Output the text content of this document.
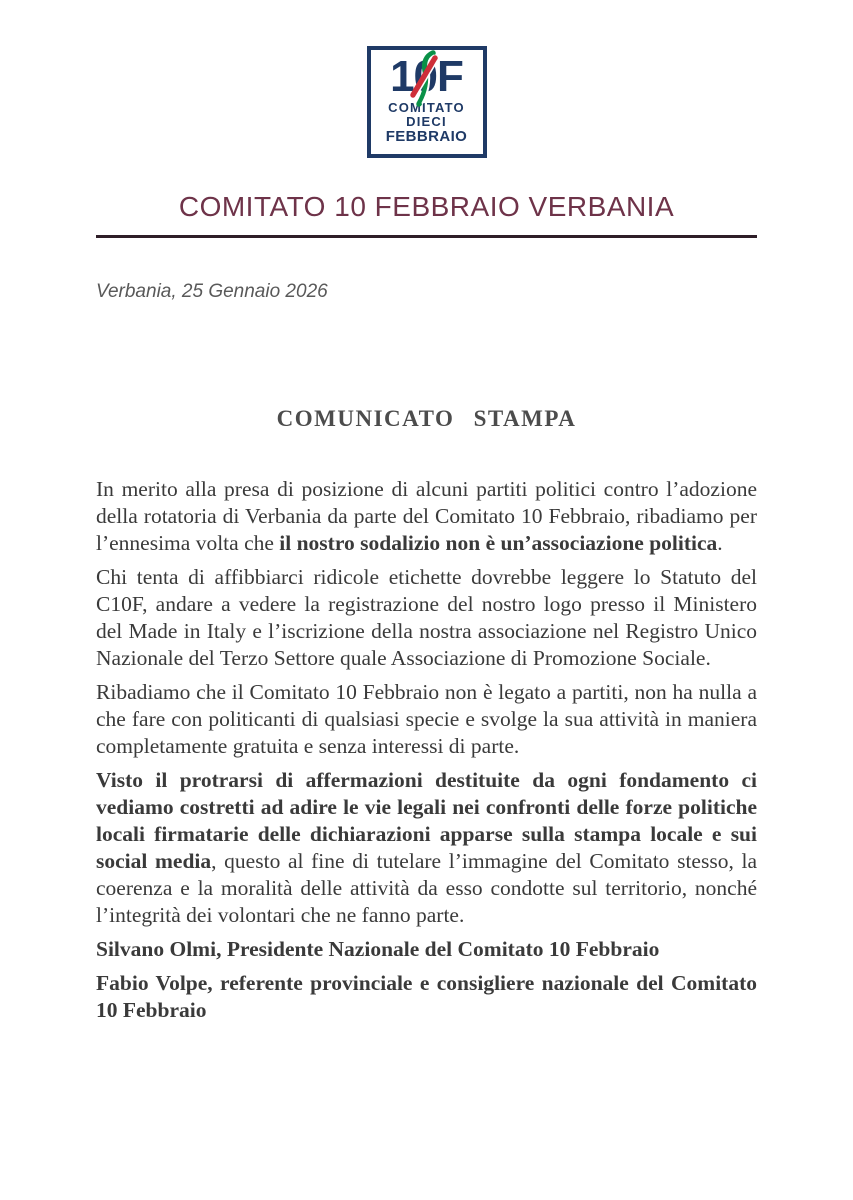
1 0 F
COMITATO
DIECI
FEBBRAIO
COMITATO 10 FEBBRAIO VERBANIA
Verbania, 25 Gennaio 2026
COMUNICATO STAMPA

In merito alla presa di posizione di alcuni partiti politici contro l’adozione della rotatoria di Verbania da parte del Comitato 10 Febbraio, ribadiamo per l’ennesima volta che il nostro sodalizio non è un’associazione politica.

Chi tenta di affibbiarci ridicole etichette dovrebbe leggere lo Statuto del C10F, andare a vedere la registrazione del nostro logo presso il Ministero del Made in Italy e l’iscrizione della nostra associazione nel Registro Unico Nazionale del Terzo Settore quale Associazione di Promozione Sociale.

Ribadiamo che il Comitato 10 Febbraio non è legato a partiti, non ha nulla a che fare con politicanti di qualsiasi specie e svolge la sua attività in maniera completamente gratuita e senza interessi di parte.

Visto il protrarsi di affermazioni destituite da ogni fondamento ci vediamo costretti ad adire le vie legali nei confronti delle forze politiche locali firmatarie delle dichiarazioni apparse sulla stampa locale e sui social media, questo al fine di tutelare l’immagine del Comitato stesso, la coerenza e la moralità delle attività da esso condotte sul territorio, nonché l’integrità dei volontari che ne fanno parte.

Silvano Olmi, Presidente Nazionale del Comitato 10 Febbraio

Fabio Volpe, referente provinciale e consigliere nazionale del Comitato 10 Febbraio
